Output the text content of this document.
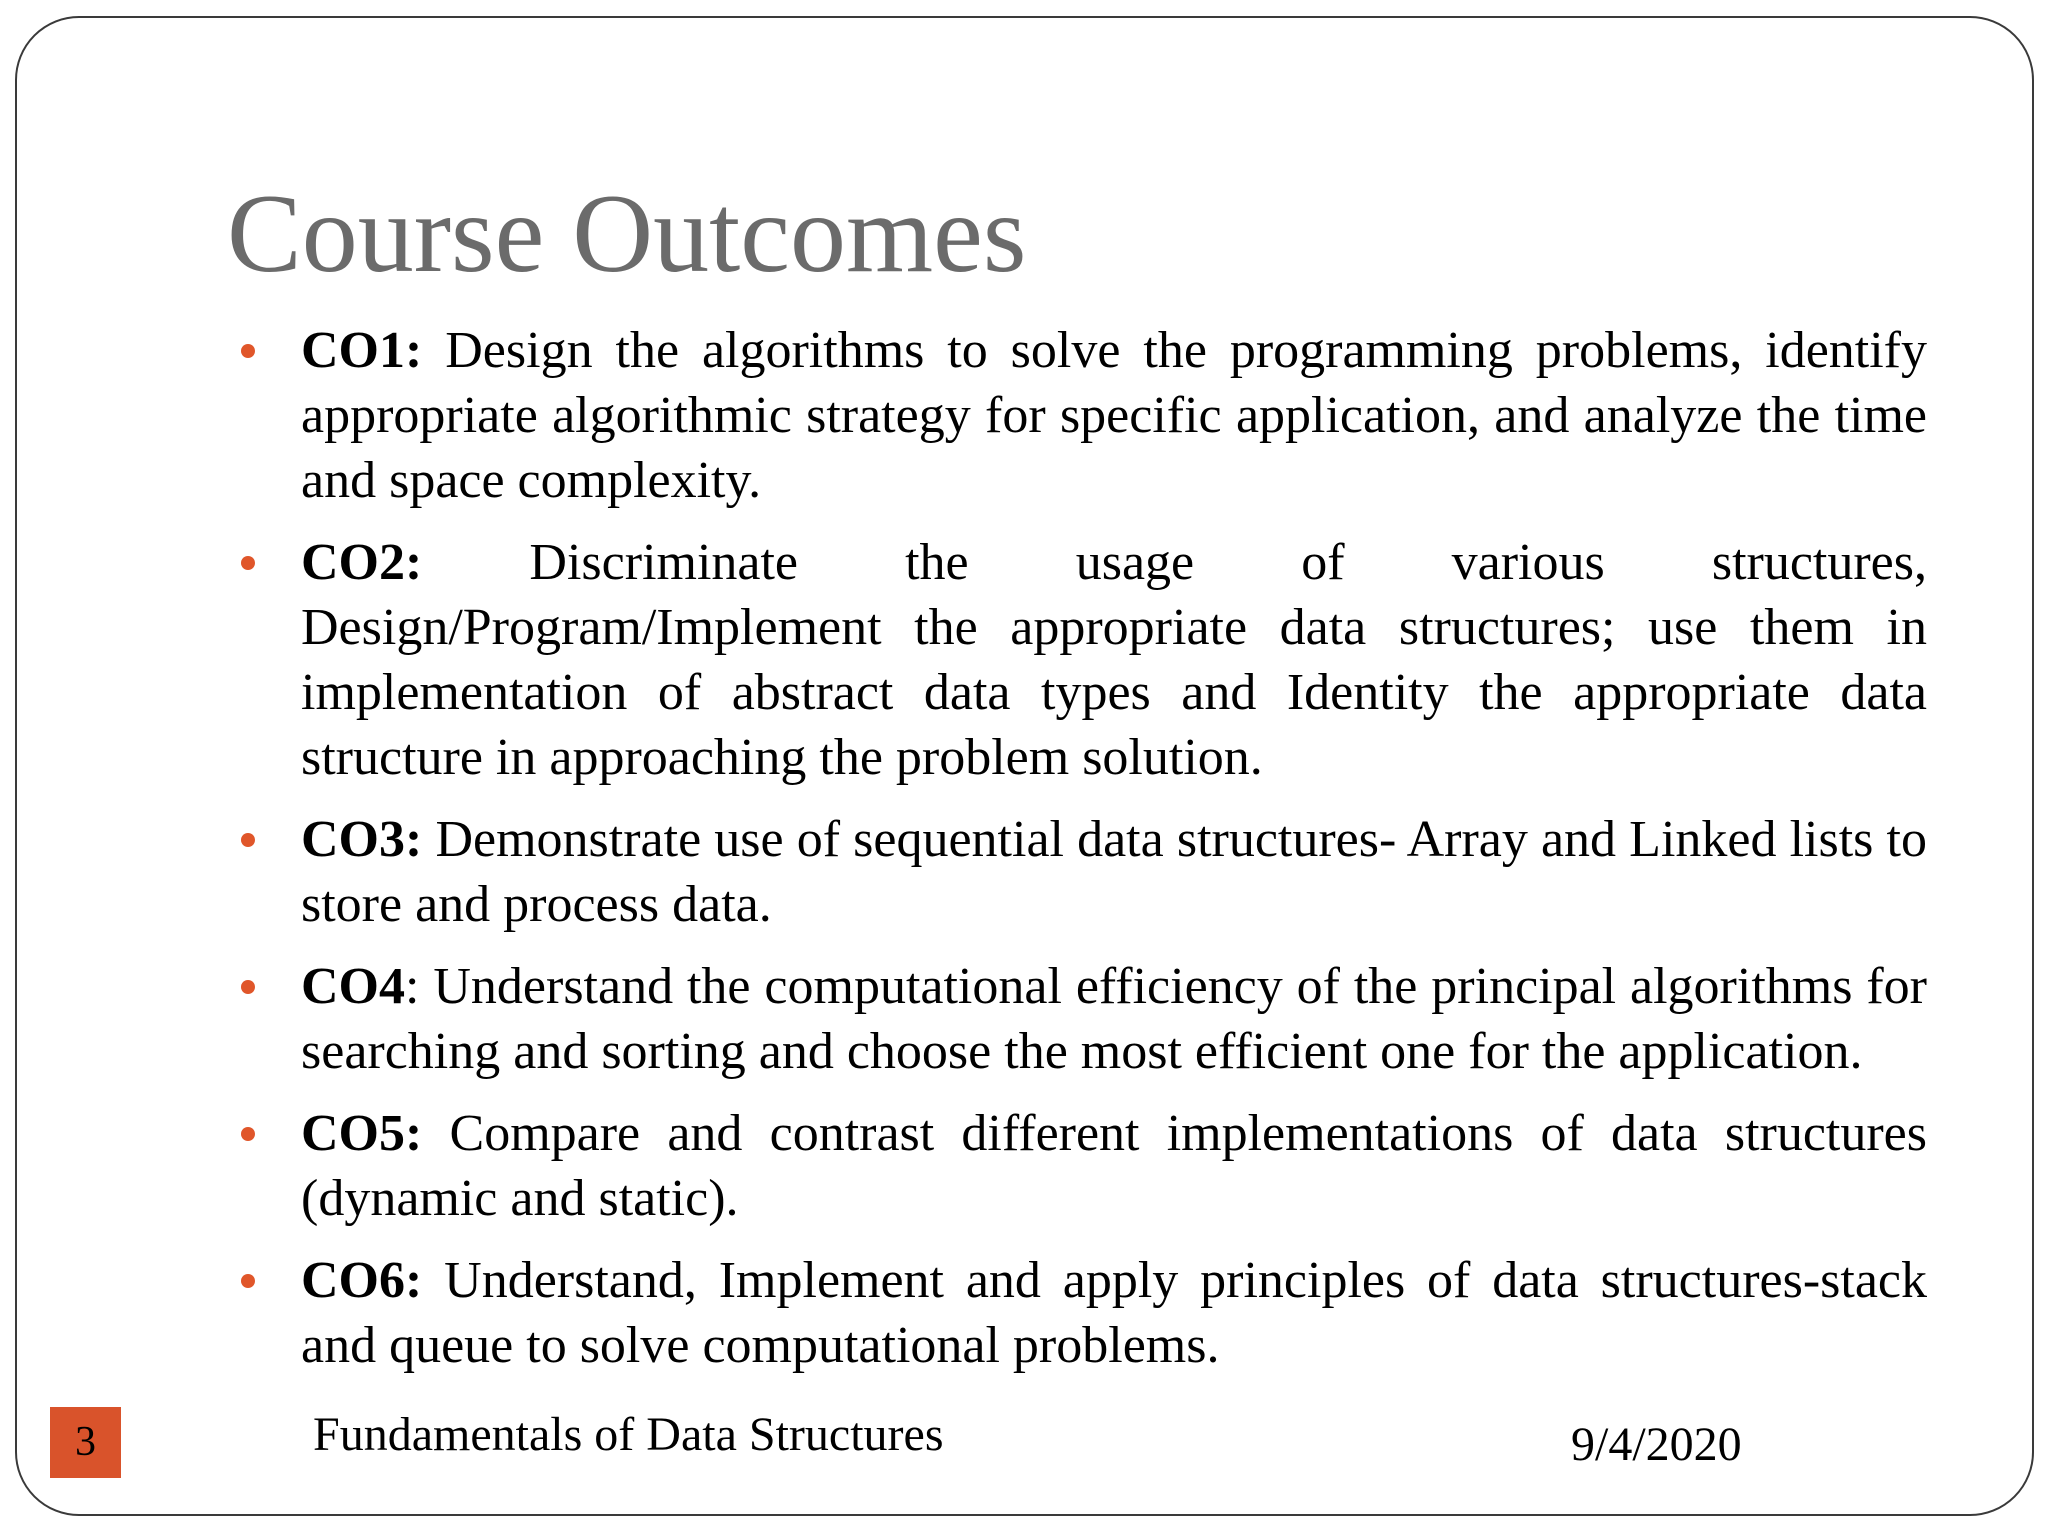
Course Outcomes
CO1: Design the algorithms to solve the programming problems, identify appropriate algorithmic strategy for specific application, and analyze the time and space complexity.
CO2: Discriminate the usage of various structures, Design/Program/Implement the appropriate data structures; use them in implementation of abstract data types and Identity the appropriate data structure in approaching the problem solution.
CO3: Demonstrate use of sequential data structures- Array and Linked lists to store and process data.
CO4: Understand the computational efficiency of the principal algorithms for searching and sorting and choose the most efficient one for the application.
CO5: Compare and contrast different implementations of data structures (dynamic and static).
CO6: Understand, Implement and apply principles of data structures-stack and queue to solve computational problems.
3	Fundamentals of Data Structures	9/4/2020
